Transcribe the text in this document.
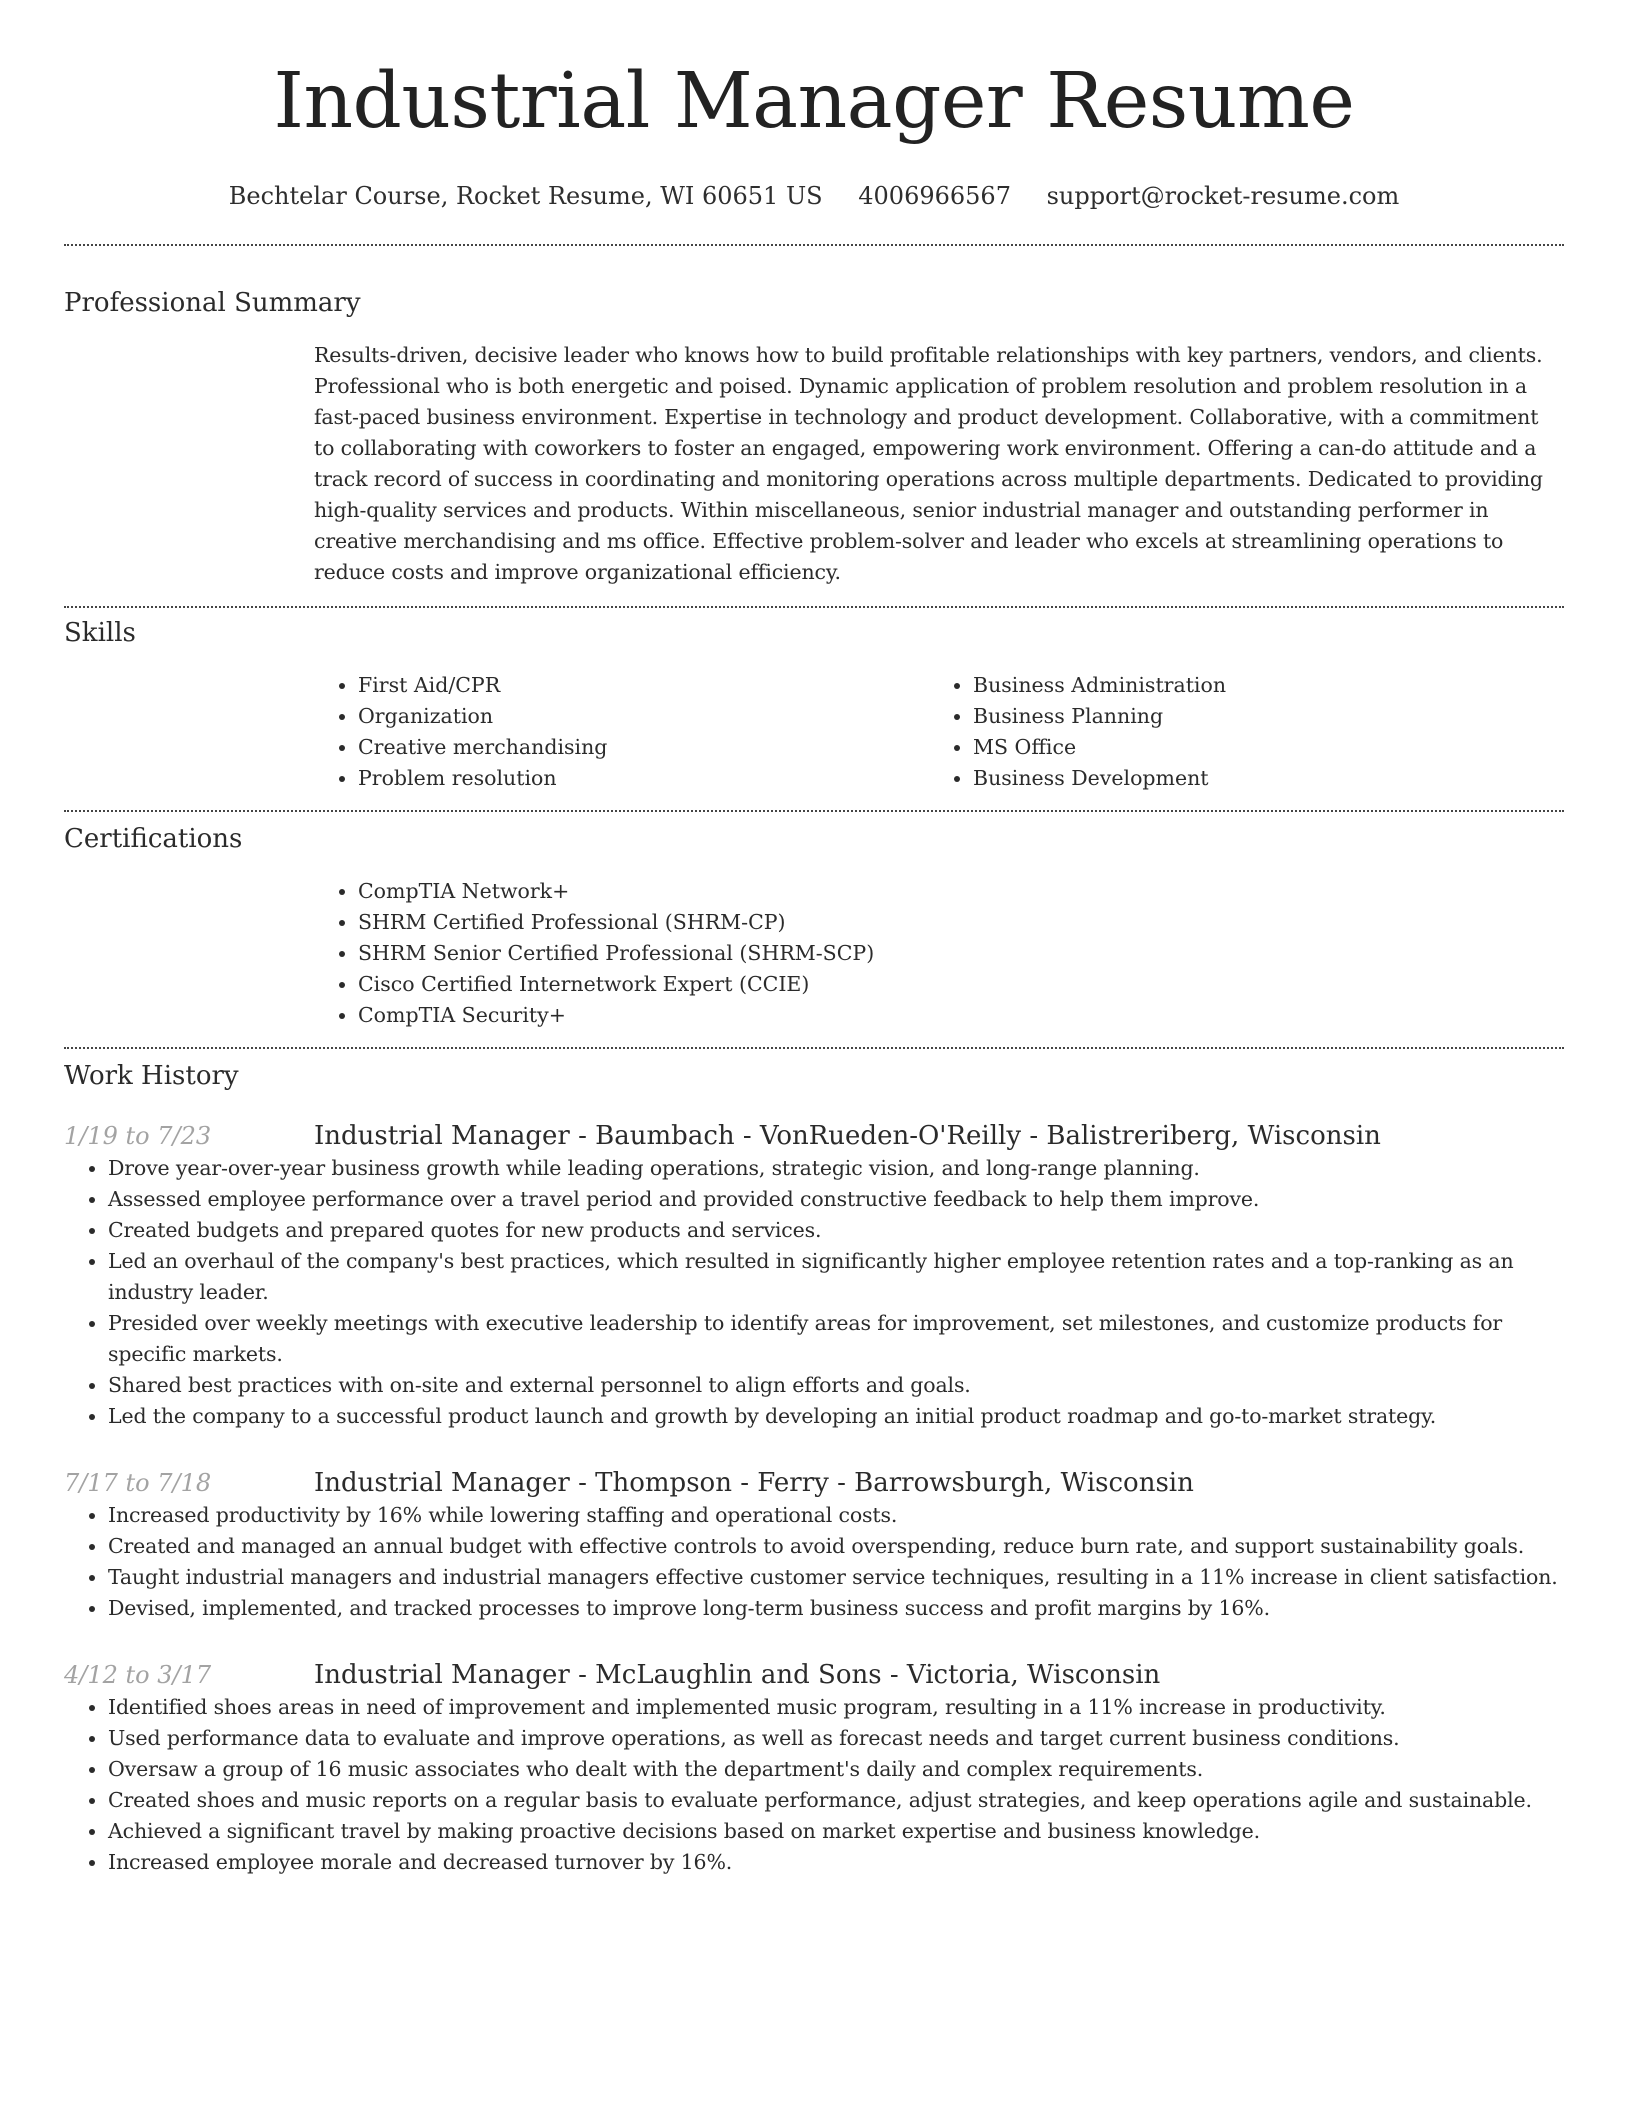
Industrial Manager Resume
Bechtelar Course, Rocket Resume, WI 60651 US 4006966567 support@rocket-resume.com
Professional Summary

Results-driven, decisive leader who knows how to build profitable relationships with key partners, vendors, and clients. Professional who is both energetic and poised. Dynamic application of problem resolution and problem resolution in a fast-paced business environment. Expertise in technology and product development. Collaborative, with a commitment to collaborating with coworkers to foster an engaged, empowering work environment. Offering a can-do attitude and a track record of success in coordinating and monitoring operations across multiple departments. Dedicated to providing high-quality services and products. Within miscellaneous, senior industrial manager and outstanding performer in creative merchandising and ms office. Effective problem-solver and leader who excels at streamlining operations to reduce costs and improve organizational efficiency.

Skills
• First Aid/CPR
• Organization
• Creative merchandising
• Problem resolution
• Business Administration
• Business Planning
• MS Office
• Business Development
Certifications
• CompTIA Network+
• SHRM Certified Professional (SHRM-CP)
• SHRM Senior Certified Professional (SHRM-SCP)
• Cisco Certified Internetwork Expert (CCIE)
• CompTIA Security+
Work History
1/19 to 7/23	Industrial Manager - Baumbach - VonRueden-O'Reilly - Balistreriberg, Wisconsin
• Drove year-over-year business growth while leading operations, strategic vision, and long-range planning.
• Assessed employee performance over a travel period and provided constructive feedback to help them improve.
• Created budgets and prepared quotes for new products and services.
• Led an overhaul of the company's best practices, which resulted in significantly higher employee retention rates and a top-ranking as an industry leader.
• Presided over weekly meetings with executive leadership to identify areas for improvement, set milestones, and customize products for specific markets.
• Shared best practices with on-site and external personnel to align efforts and goals.
• Led the company to a successful product launch and growth by developing an initial product roadmap and go-to-market strategy.
7/17 to 7/18	Industrial Manager - Thompson - Ferry - Barrowsburgh, Wisconsin
• Increased productivity by 16% while lowering staffing and operational costs.
• Created and managed an annual budget with effective controls to avoid overspending, reduce burn rate, and support sustainability goals.
• Taught industrial managers and industrial managers effective customer service techniques, resulting in a 11% increase in client satisfaction.
• Devised, implemented, and tracked processes to improve long-term business success and profit margins by 16%.
4/12 to 3/17	Industrial Manager - McLaughlin and Sons - Victoria, Wisconsin
• Identified shoes areas in need of improvement and implemented music program, resulting in a 11% increase in productivity.
• Used performance data to evaluate and improve operations, as well as forecast needs and target current business conditions.
• Oversaw a group of 16 music associates who dealt with the department's daily and complex requirements.
• Created shoes and music reports on a regular basis to evaluate performance, adjust strategies, and keep operations agile and sustainable.
• Achieved a significant travel by making proactive decisions based on market expertise and business knowledge.
• Increased employee morale and decreased turnover by 16%.
